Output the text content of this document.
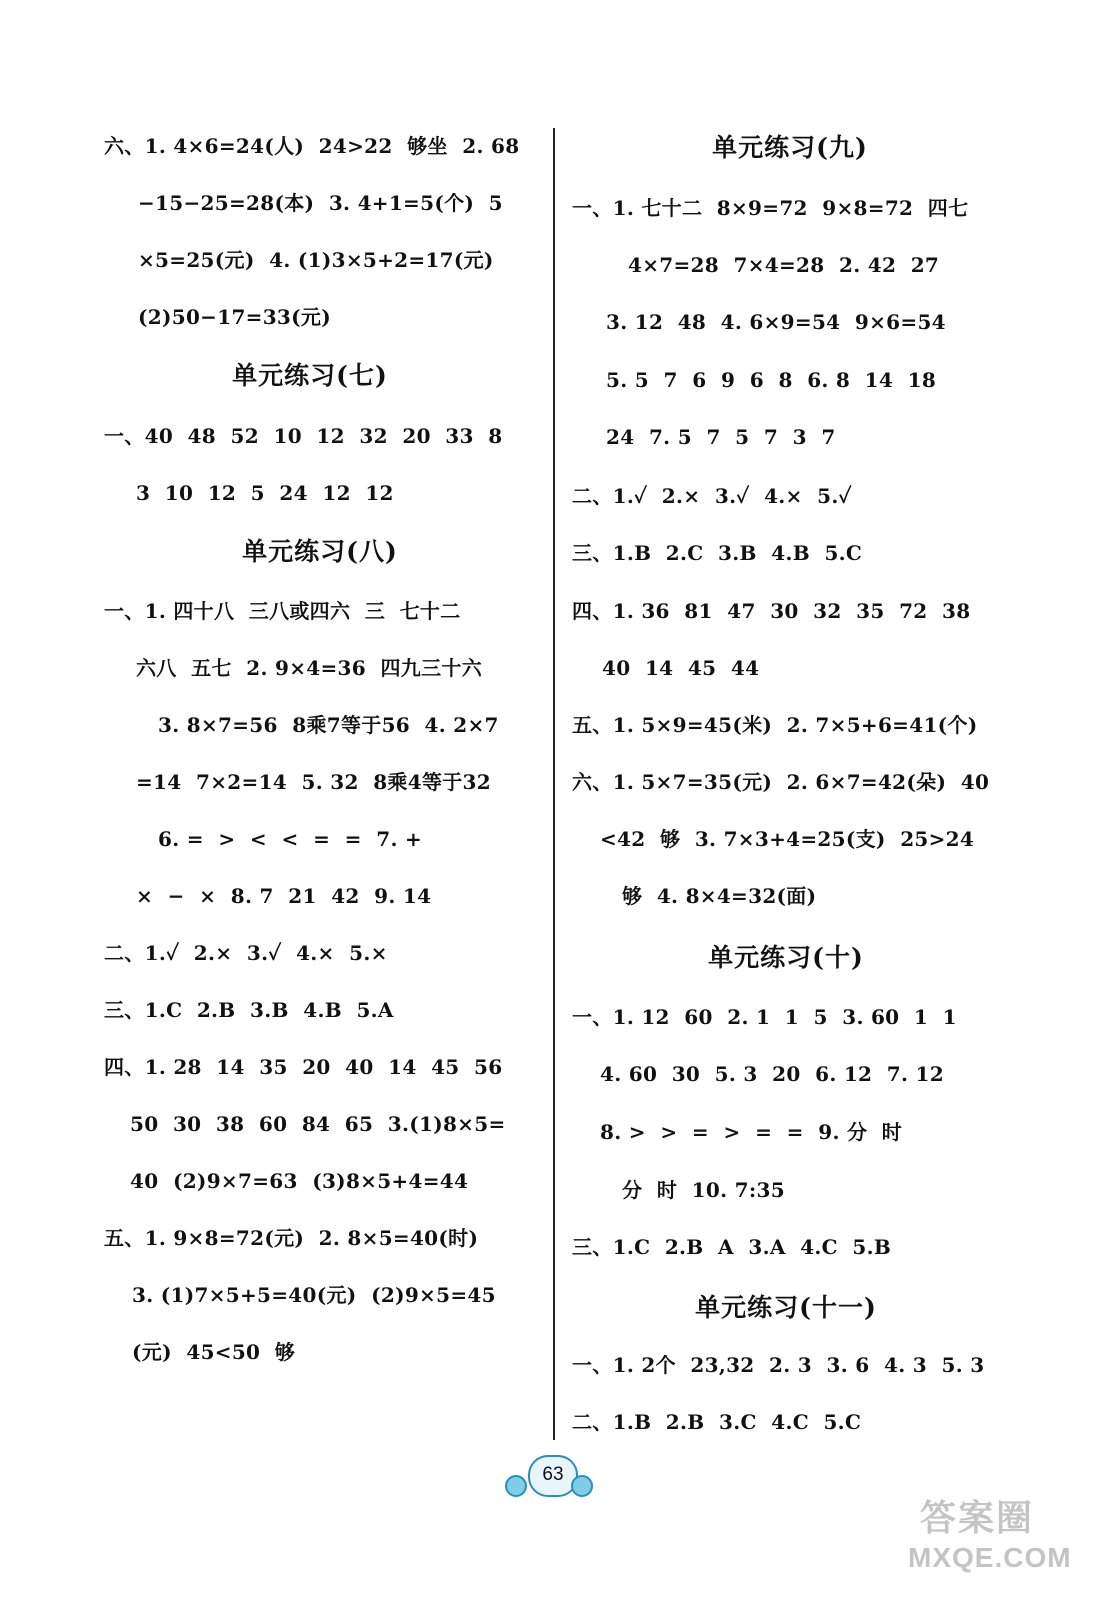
六、1. 4×6=24(人)  24>22  够坐  2. 68
−15−25=28(本)  3. 4+1=5(个)  5
×5=25(元)  4. (1)3×5+2=17(元)
(2)50−17=33(元)
单元练习(七)
一、40  48  52  10  12  32  20  33  8
3  10  12  5  24  12  12
单元练习(八)
一、1. 四十八  三八或四六  三  七十二
六八  五七  2. 9×4=36  四九三十六
3. 8×7=56  8乘7等于56  4. 2×7
=14  7×2=14  5. 32  8乘4等于32
6. =  >  <  <  =  =  7. +
×  −  ×  8. 7  21  42  9. 14
二、1.✓  2.×  3.✓  4.×  5.×
三、1.C  2.B  3.B  4.B  5.A
四、1. 28  14  35  20  40  14  45  56
50  30  38  60  84  65  3.(1)8×5=
40  (2)9×7=63  (3)8×5+4=44
五、1. 9×8=72(元)  2. 8×5=40(时)
3. (1)7×5+5=40(元)  (2)9×5=45
(元)  45<50  够
单元练习(九)
一、1. 七十二  8×9=72  9×8=72  四七
4×7=28  7×4=28  2. 42  27
3. 12  48  4. 6×9=54  9×6=54
5. 5  7  6  9  6  8  6. 8  14  18
24  7. 5  7  5  7  3  7
二、1.✓  2.×  3.✓  4.×  5.✓
三、1.B  2.C  3.B  4.B  5.C
四、1. 36  81  47  30  32  35  72  38
40  14  45  44
五、1. 5×9=45(米)  2. 7×5+6=41(个)
六、1. 5×7=35(元)  2. 6×7=42(朵)  40
<42  够  3. 7×3+4=25(支)  25>24
够  4. 8×4=32(面)
单元练习(十)
一、1. 12  60  2. 1  1  5  3. 60  1  1
4. 60  30  5. 3  20  6. 12  7. 12
8. >  >  =  >  =  =  9. 分  时
分  时  10. 7:35
三、1.C  2.B  A  3.A  4.C  5.B
单元练习(十一)
一、1. 2个  23,32  2. 3  3. 6  4. 3  5. 3
二、1.B  2.B  3.C  4.C  5.C
63
答案圈
MXQE.COM
